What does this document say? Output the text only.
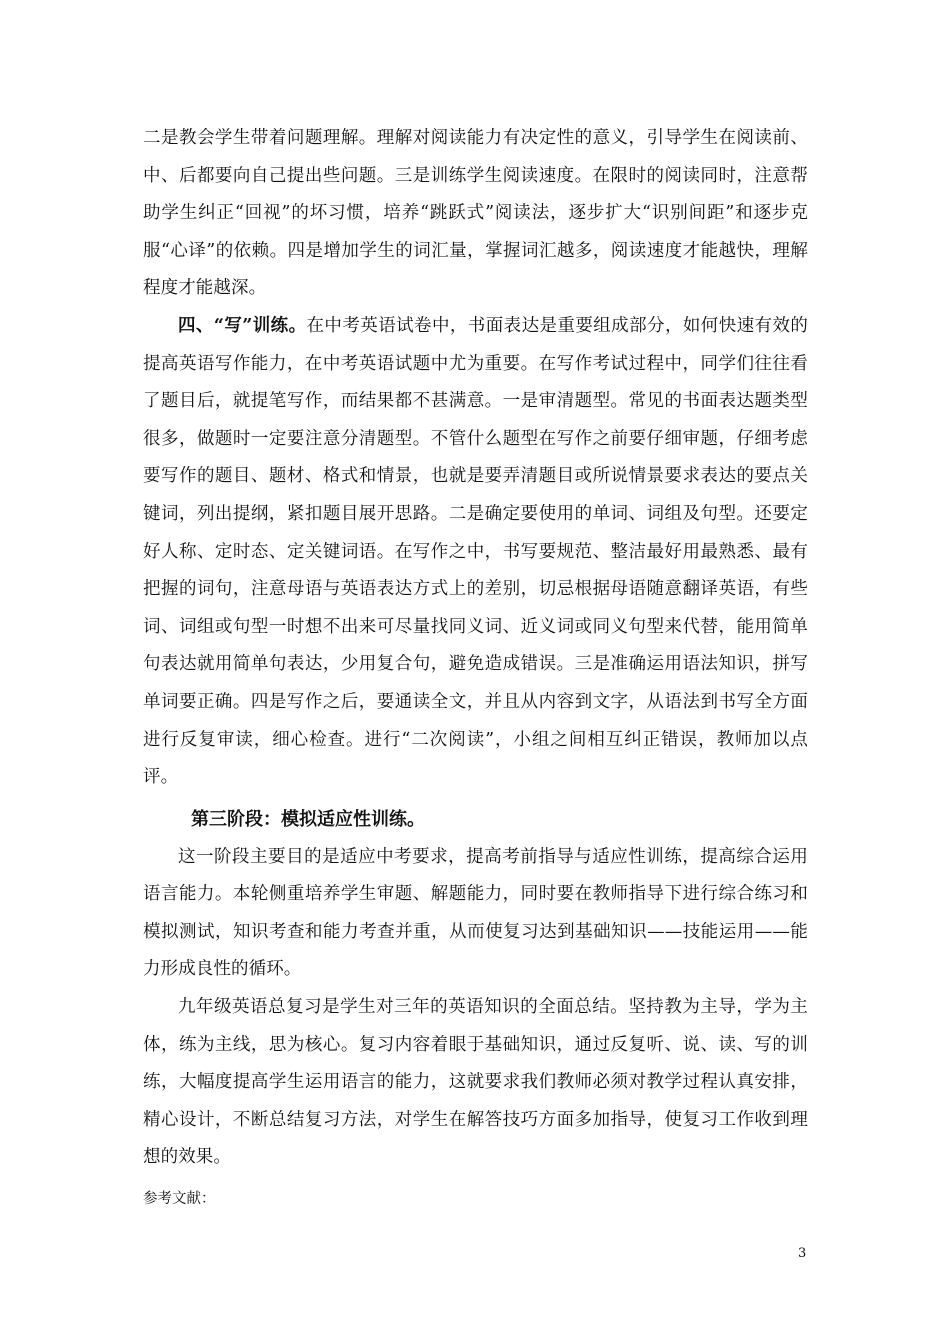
二是教会学生带着问题理解。理解对阅读能力有决定性的意义，引导学生在阅读前、中、后都要向自己提出些问题。三是训练学生阅读速度。在限时的阅读同时，注意帮助学生纠正“回视”的坏习惯，培养“跳跃式”阅读法，逐步扩大“识别间距”和逐步克服“心译”的依赖。四是增加学生的词汇量，掌握词汇越多，阅读速度才能越快，理解程度才能越深。

四、“写”训练。在中考英语试卷中，书面表达是重要组成部分，如何快速有效的提高英语写作能力，在中考英语试题中尤为重要。在写作考试过程中，同学们往往看了题目后，就提笔写作，而结果都不甚满意。一是审清题型。常见的书面表达题类型很多，做题时一定要注意分清题型。不管什么题型在写作之前要仔细审题，仔细考虑要写作的题目、题材、格式和情景，也就是要弄清题目或所说情景要求表达的要点关键词，列出提纲，紧扣题目展开思路。二是确定要使用的单词、词组及句型。还要定好人称、定时态、定关键词语。在写作之中，书写要规范、整洁最好用最熟悉、最有把握的词句，注意母语与英语表达方式上的差别，切忌根据母语随意翻译英语，有些词、词组或句型一时想不出来可尽量找同义词、近义词或同义句型来代替，能用简单句表达就用简单句表达，少用复合句，避免造成错误。三是准确运用语法知识，拼写单词要正确。四是写作之后，要通读全文，并且从内容到文字，从语法到书写全方面进行反复审读，细心检查。进行“二次阅读”，小组之间相互纠正错误，教师加以点评。

第三阶段：模拟适应性训练。

这一阶段主要目的是适应中考要求，提高考前指导与适应性训练，提高综合运用语言能力。本轮侧重培养学生审题、解题能力，同时要在教师指导下进行综合练习和模拟测试，知识考查和能力考查并重，从而使复习达到基础知识——技能运用——能力形成良性的循环。

九年级英语总复习是学生对三年的英语知识的全面总结。坚持教为主导，学为主体，练为主线，思为核心。复习内容着眼于基础知识，通过反复听、说、读、写的训练，大幅度提高学生运用语言的能力，这就要求我们教师必须对教学过程认真安排，精心设计，不断总结复习方法，对学生在解答技巧方面多加指导，使复习工作收到理想的效果。

参考文献：

3
